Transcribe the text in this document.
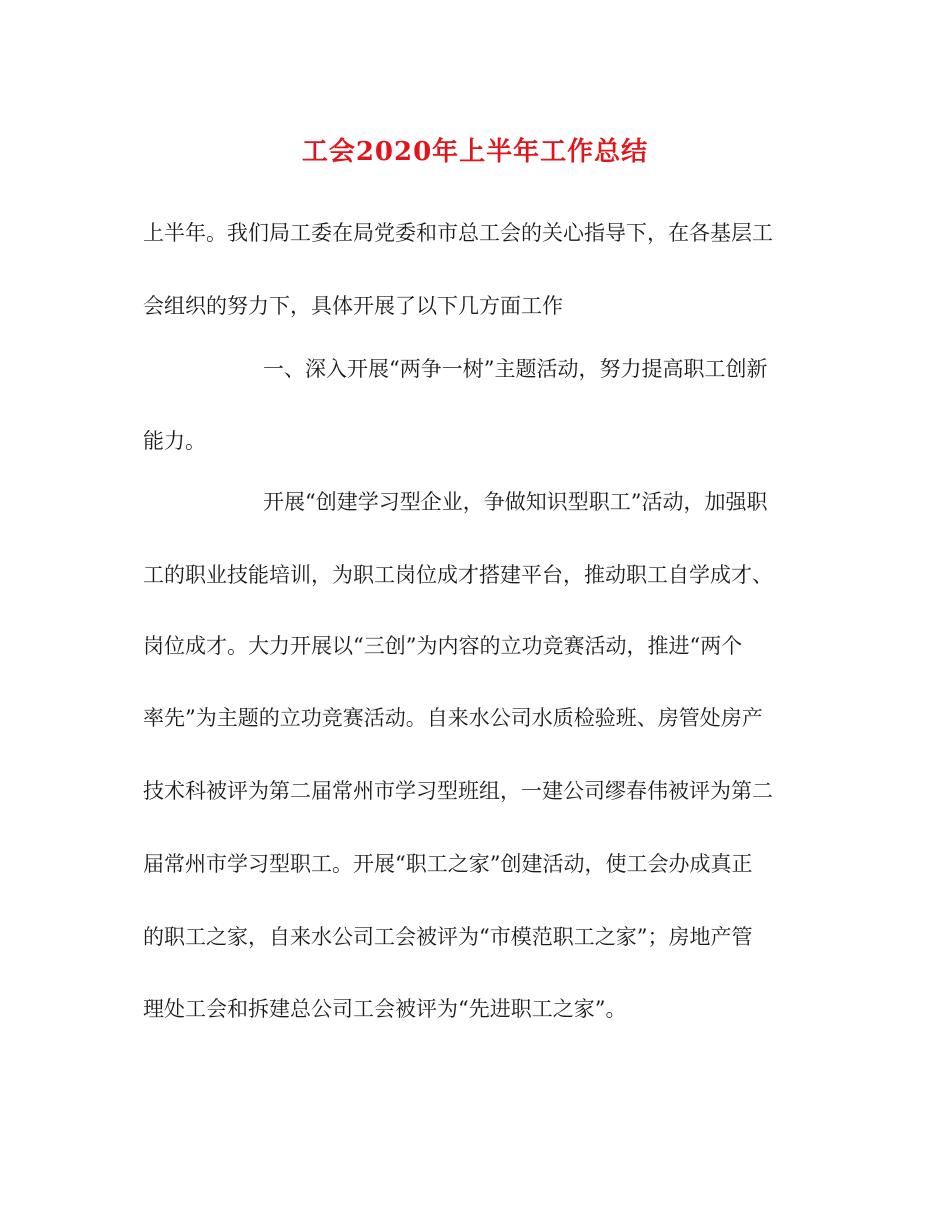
工会2020年上半年工作总结

上半年。我们局工委在局党委和市总工会的关心指导下，在各基层工

会组织的努力下，具体开展了以下几方面工作

一、深入开展“两争一树”主题活动，努力提高职工创新

能力。

开展“创建学习型企业，争做知识型职工”活动，加强职

工的职业技能培训，为职工岗位成才搭建平台，推动职工自学成才、

岗位成才。大力开展以“三创”为内容的立功竞赛活动，推进“两个

率先”为主题的立功竞赛活动。自来水公司水质检验班、房管处房产

技术科被评为第二届常州市学习型班组，一建公司缪春伟被评为第二

届常州市学习型职工。开展“职工之家”创建活动，使工会办成真正

的职工之家，自来水公司工会被评为“市模范职工之家”；房地产管

理处工会和拆建总公司工会被评为“先进职工之家”。
